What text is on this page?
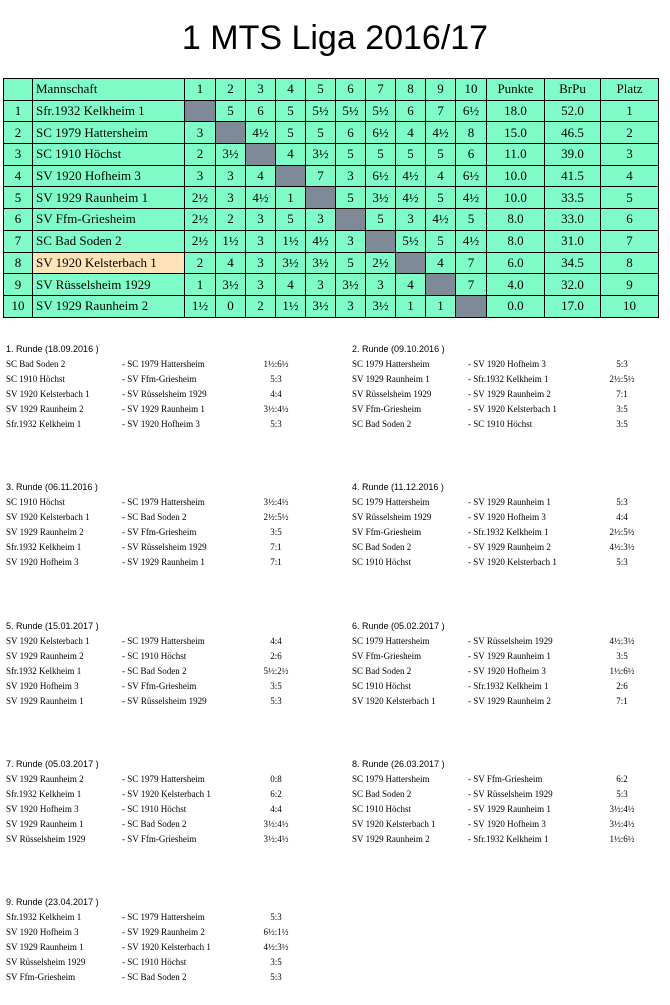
1 MTS Liga 2016/17
	Mannschaft	1	2	3	4	5	6	7	8	9	10	Punkte	BrPu	Platz
1	Sfr.1932 Kelkheim 1		5	6	5	5½	5½	5½	6	7	6½	18.0	52.0	1
2	SC 1979 Hattersheim	3		4½	5	5	6	6½	4	4½	8	15.0	46.5	2
3	SC 1910 Höchst	2	3½		4	3½	5	5	5	5	6	11.0	39.0	3
4	SV 1920 Hofheim 3	3	3	4		7	3	6½	4½	4	6½	10.0	41.5	4
5	SV 1929 Raunheim 1	2½	3	4½	1		5	3½	4½	5	4½	10.0	33.5	5
6	SV Ffm-Griesheim	2½	2	3	5	3		5	3	4½	5	8.0	33.0	6
7	SC Bad Soden 2	2½	1½	3	1½	4½	3		5½	5	4½	8.0	31.0	7
8	SV 1920 Kelsterbach 1	2	4	3	3½	3½	5	2½		4	7	6.0	34.5	8
9	SV Rüsselsheim 1929	1	3½	3	4	3	3½	3	4		7	4.0	32.0	9
10	SV 1929 Raunheim 2	1½	0	2	1½	3½	3	3½	1	1		0.0	17.0	10
1. Runde (18.09.2016 )
SC Bad Soden 2	- SC 1979 Hattersheim	1½:6½
SC 1910 Höchst	- SV Ffm-Griesheim	5:3
SV 1920 Kelsterbach 1	- SV Rüsselsheim 1929	4:4
SV 1929 Raunheim 2	- SV 1929 Raunheim 1	3½:4½
Sfr.1932 Kelkheim 1	- SV 1920 Hofheim 3	5:3
2. Runde (09.10.2016 )
SC 1979 Hattersheim	- SV 1920 Hofheim 3	5:3
SV 1929 Raunheim 1	- Sfr.1932 Kelkheim 1	2½:5½
SV Rüsselsheim 1929	- SV 1929 Raunheim 2	7:1
SV Ffm-Griesheim	- SV 1920 Kelsterbach 1	3:5
SC Bad Soden 2	- SC 1910 Höchst	3:5
3. Runde (06.11.2016 )
SC 1910 Höchst	- SC 1979 Hattersheim	3½:4½
SV 1920 Kelsterbach 1	- SC Bad Soden 2	2½:5½
SV 1929 Raunheim 2	- SV Ffm-Griesheim	3:5
Sfr.1932 Kelkheim 1	- SV Rüsselsheim 1929	7:1
SV 1920 Hofheim 3	- SV 1929 Raunheim 1	7:1
4. Runde (11.12.2016 )
SC 1979 Hattersheim	- SV 1929 Raunheim 1	5:3
SV Rüsselsheim 1929	- SV 1920 Hofheim 3	4:4
SV Ffm-Griesheim	- Sfr.1932 Kelkheim 1	2½:5½
SC Bad Soden 2	- SV 1929 Raunheim 2	4½:3½
SC 1910 Höchst	- SV 1920 Kelsterbach 1	5:3
5. Runde (15.01.2017 )
SV 1920 Kelsterbach 1	- SC 1979 Hattersheim	4:4
SV 1929 Raunheim 2	- SC 1910 Höchst	2:6
Sfr.1932 Kelkheim 1	- SC Bad Soden 2	5½:2½
SV 1920 Hofheim 3	- SV Ffm-Griesheim	3:5
SV 1929 Raunheim 1	- SV Rüsselsheim 1929	5:3
6. Runde (05.02.2017 )
SC 1979 Hattersheim	- SV Rüsselsheim 1929	4½:3½
SV Ffm-Griesheim	- SV 1929 Raunheim 1	3:5
SC Bad Soden 2	- SV 1920 Hofheim 3	1½:6½
SC 1910 Höchst	- Sfr.1932 Kelkheim 1	2:6
SV 1920 Kelsterbach 1	- SV 1929 Raunheim 2	7:1
7. Runde (05.03.2017 )
SV 1929 Raunheim 2	- SC 1979 Hattersheim	0:8
Sfr.1932 Kelkheim 1	- SV 1920 Kelsterbach 1	6:2
SV 1920 Hofheim 3	- SC 1910 Höchst	4:4
SV 1929 Raunheim 1	- SC Bad Soden 2	3½:4½
SV Rüsselsheim 1929	- SV Ffm-Griesheim	3½:4½
8. Runde (26.03.2017 )
SC 1979 Hattersheim	- SV Ffm-Griesheim	6:2
SC Bad Soden 2	- SV Rüsselsheim 1929	5:3
SC 1910 Höchst	- SV 1929 Raunheim 1	3½:4½
SV 1920 Kelsterbach 1	- SV 1920 Hofheim 3	3½:4½
SV 1929 Raunheim 2	- Sfr.1932 Kelkheim 1	1½:6½
9. Runde (23.04.2017 )
Sfr.1932 Kelkheim 1	- SC 1979 Hattersheim	5:3
SV 1920 Hofheim 3	- SV 1929 Raunheim 2	6½:1½
SV 1929 Raunheim 1	- SV 1920 Kelsterbach 1	4½:3½
SV Rüsselsheim 1929	- SC 1910 Höchst	3:5
SV Ffm-Griesheim	- SC Bad Soden 2	5:3
